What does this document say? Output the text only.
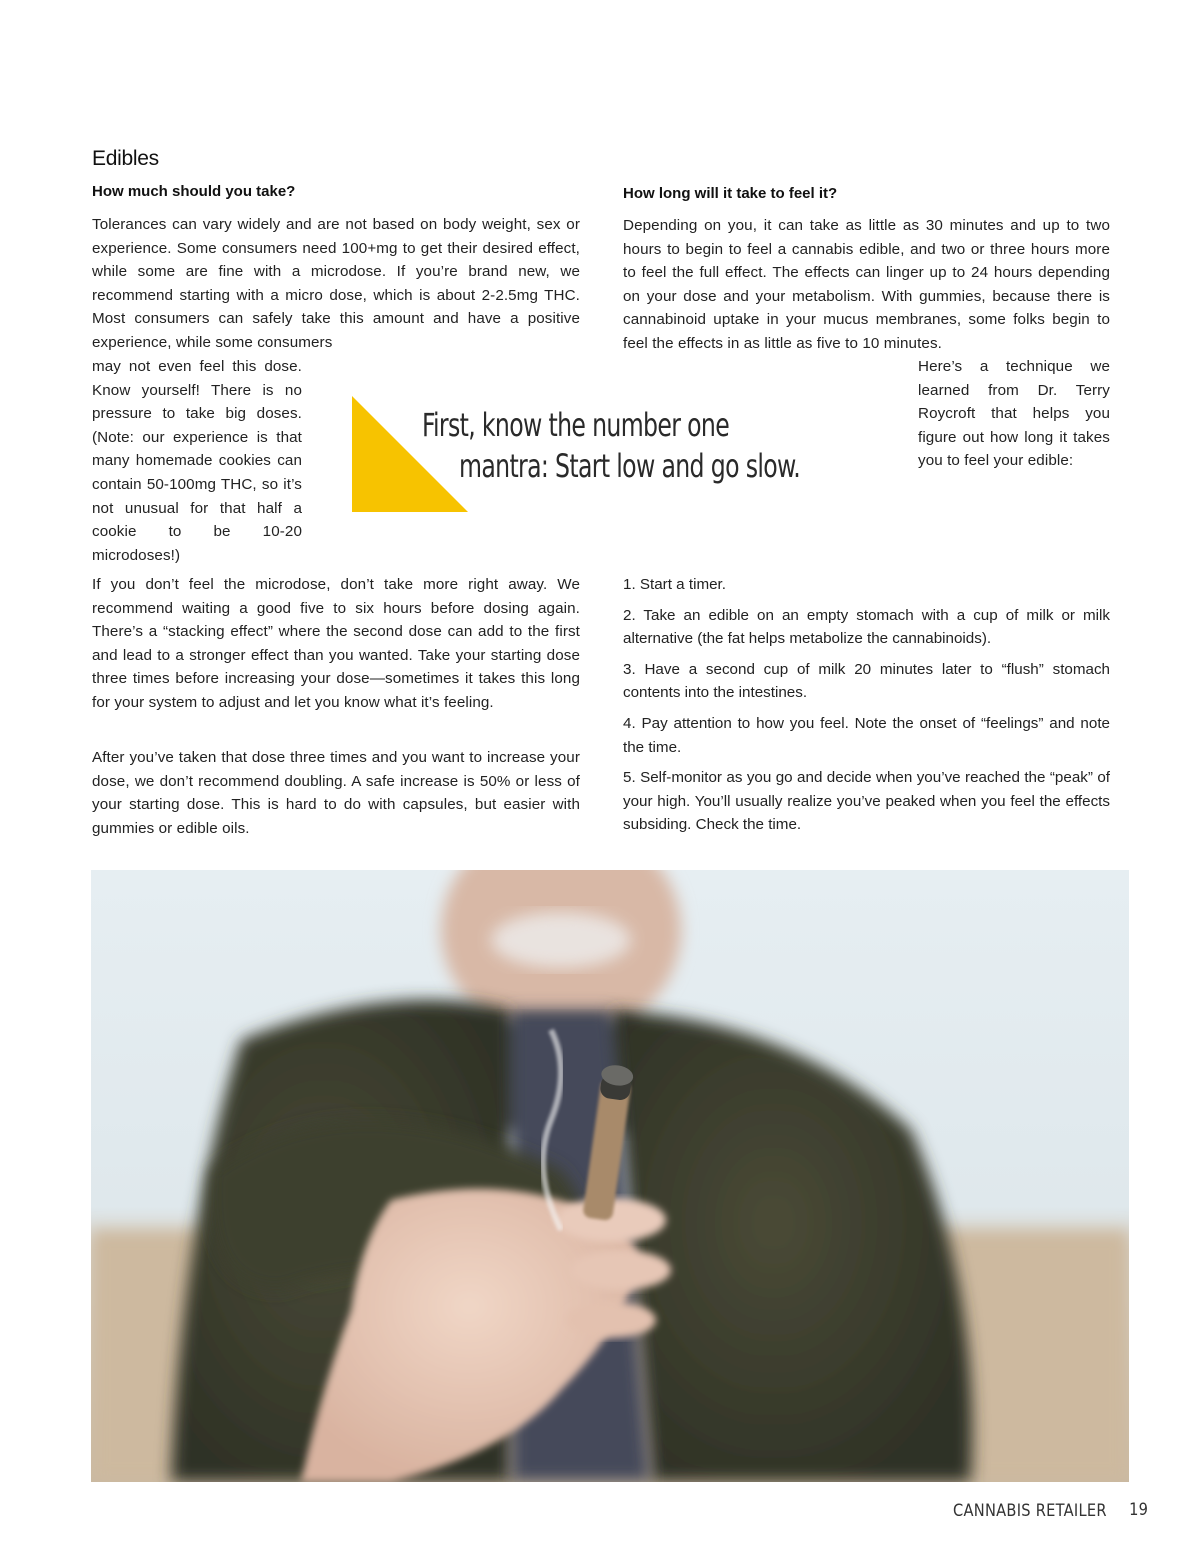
Edibles
How much should you take?	How long will it take to feel it?

Tolerances can vary widely and are not based on body weight, sex or experience. Some consumers need 100+mg to get their desired effect, while some are fine with a microdose. If you’re brand new, we recommend starting with a micro dose, which is about 2-2.5mg THC. Most consumers can safely take this amount and have a positive experience, while some consumers

may not even feel this dose. Know yourself! There is no pressure to take big doses. (Note: our experience is that many homemade cookies can contain 50-100mg THC, so it’s not unusual for that half a cookie to be 10-20 microdoses!)

Depending on you, it can take as little as 30 minutes and up to two hours to begin to feel a cannabis edible, and two or three hours more to feel the full effect. The effects can linger up to 24 hours depending on your dose and your metabolism. With gummies, because there is cannabinoid uptake in your mucus membranes, some folks begin to feel the effects in as little as five to 10 minutes.

Here’s a technique we learned from Dr. Terry Roycroft that helps you figure out how long it takes you to feel your edible:

First, know the number one
mantra: Start low and go slow.

If you don’t feel the microdose, don’t take more right away. We recommend waiting a good five to six hours before dosing again. There’s a “stacking effect” where the second dose can add to the first and lead to a stronger effect than you wanted. Take your starting dose three times before increasing your dose—sometimes it takes this long for your system to adjust and let you know what it’s feeling.

After you’ve taken that dose three times and you want to increase your dose, we don’t recommend doubling. A safe increase is 50% or less of your starting dose. This is hard to do with capsules, but easier with gummies or edible oils.

1. Start a timer.

2. Take an edible on an empty stomach with a cup of milk or milk alternative (the fat helps metabolize the cannabinoids).

3. Have a second cup of milk 20 minutes later to “flush” stomach contents into the intestines.

4. Pay attention to how you feel. Note the onset of “feelings” and note the time.

5. Self-monitor as you go and decide when you’ve reached the “peak” of your high. You’ll usually realize you’ve peaked when you feel the effects subsiding. Check the time.

CANNABIS RETAILER 19
